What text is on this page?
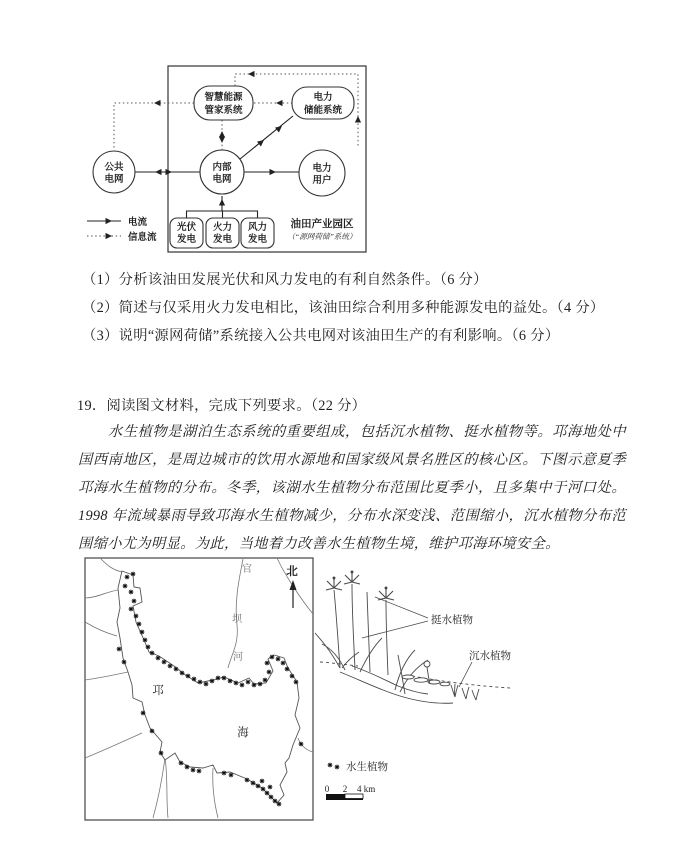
智慧能源
管家系统
电力
储能系统
公共
电网
内部
电网
电力
用户
光伏
发电
火力
发电
风力
发电
油田产业园区
（“源网荷储”系统）
电流
信息流
（1）分析该油田发展光伏和风力发电的有利自然条件。（6 分）
（2）简述与仅采用火力发电相比，该油田综合利用多种能源发电的益处。（4 分）
（3）说明“源网荷储”系统接入公共电网对该油田生产的有利影响。（6 分）
19．阅读图文材料，完成下列要求。（22 分）
水生植物是湖泊生态系统的重要组成，包括沉水植物、挺水植物等。邛海地处中国西南地区，是周边城市的饮用水源地和国家级风景名胜区的核心区。下图示意夏季邛海水生植物的分布。冬季，该湖水生植物分布范围比夏季小，且多集中于河口处。1998 年流域暴雨导致邛海水生植物减少，分布水深变浅、范围缩小，沉水植物分布范围缩小尤为明显。为此，当地着力改善水生植物生境，维护邛海环境安全。
官
坝
河
邛
海
北
挺水植物
沉水植物
水生植物
0 2 4 km
